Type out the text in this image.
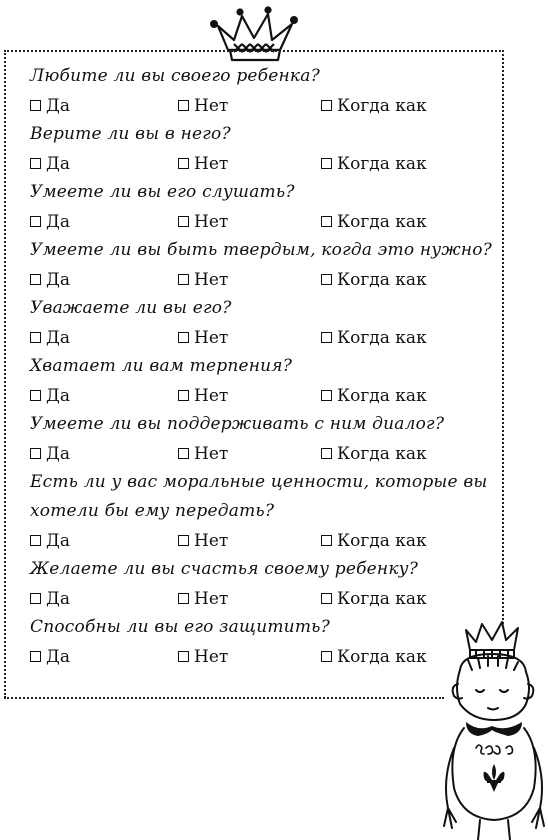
Любите ли вы своего ребенка?

Да	Нет	Когда как

Верите ли вы в него?

Да	Нет	Когда как

Умеете ли вы его слушать?

Да	Нет	Когда как

Умеете ли вы быть твердым, когда это нужно?

Да	Нет	Когда как

Уважаете ли вы его?

Да	Нет	Когда как

Хватает ли вам терпения?

Да	Нет	Когда как

Умеете ли вы поддерживать с ним диалог?

Да	Нет	Когда как

Есть ли у вас моральные ценности, которые вы
хотели бы ему передать?

Да	Нет	Когда как

Желаете ли вы счастья своему ребенку?

Да	Нет	Когда как

Способны ли вы его защитить?

Да	Нет	Когда как
